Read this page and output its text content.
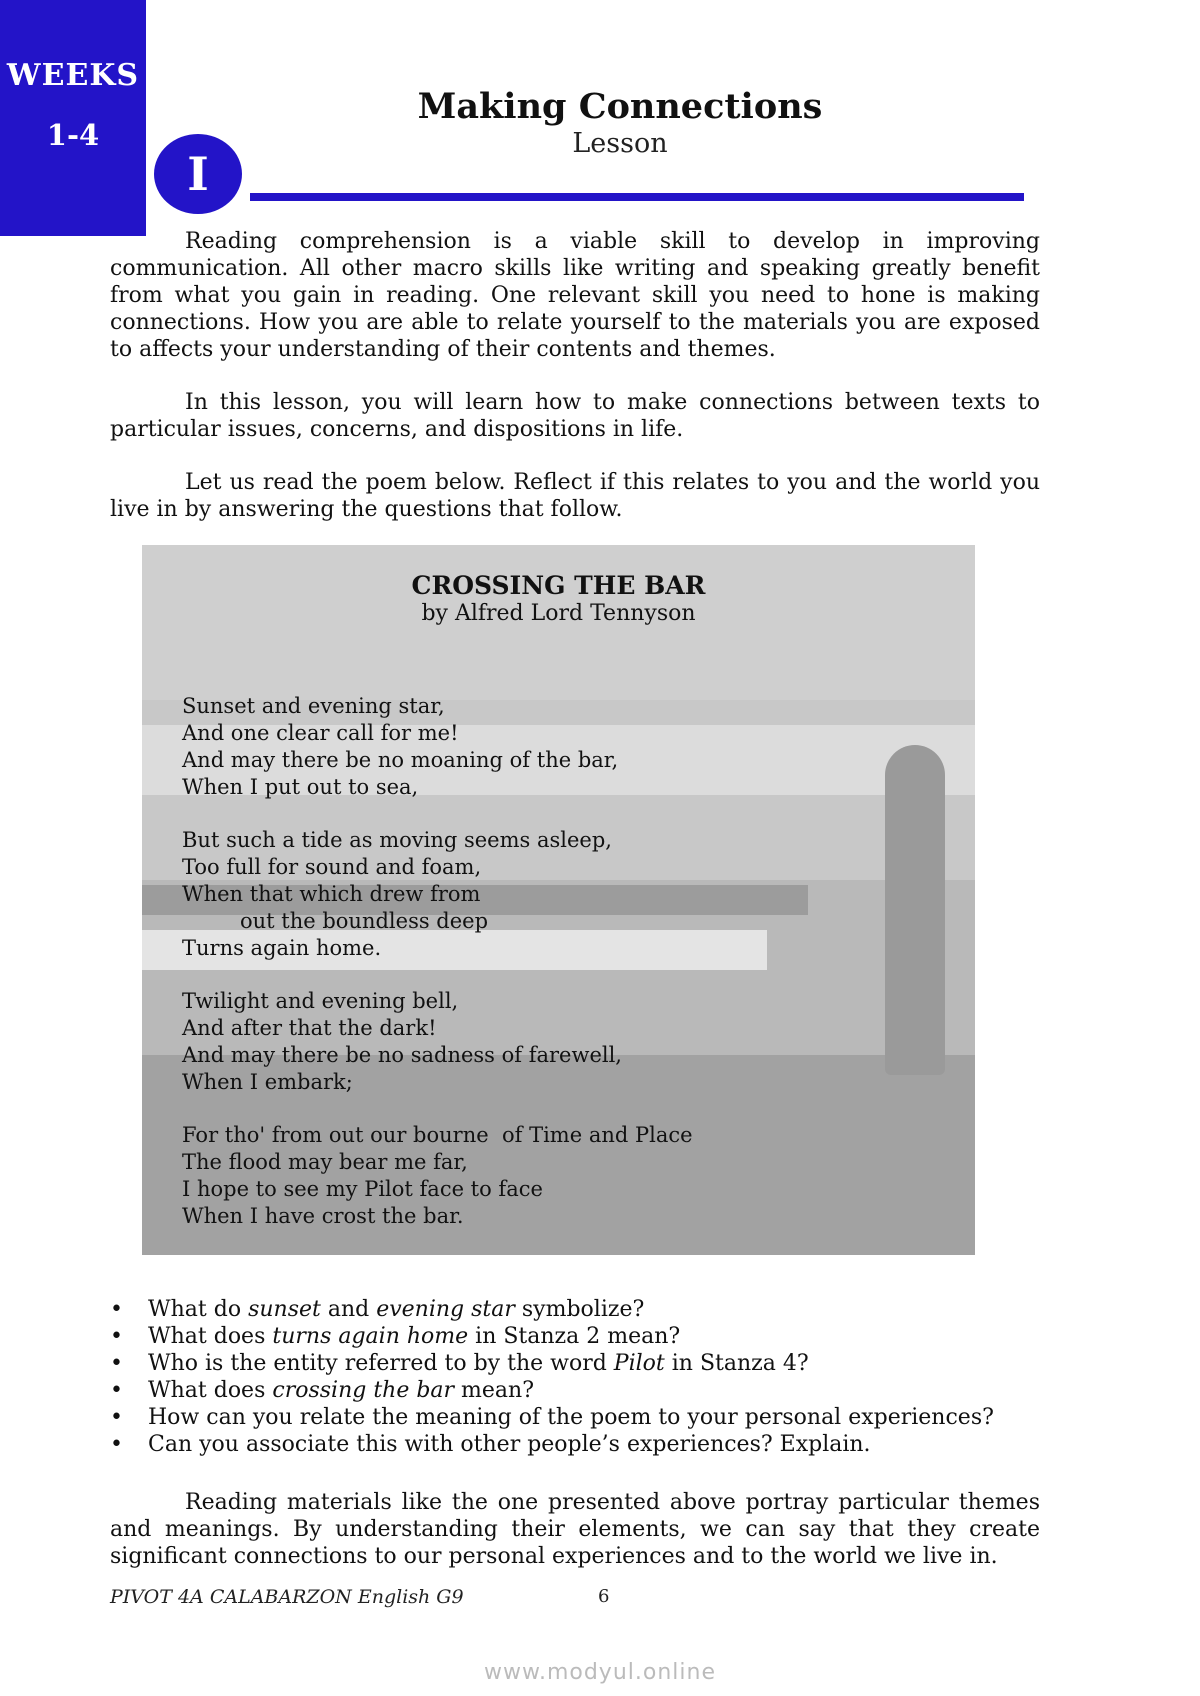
WEEKS
1-4
I
Making Connections
Lesson

Reading comprehension is a viable skill to develop in improving communication. All other macro skills like writing and speaking greatly benefit from what you gain in reading. One relevant skill you need to hone is making connections. How you are able to relate yourself to the materials you are exposed to affects your understanding of their contents and themes.

In this lesson, you will learn how to make connections between texts to particular issues, concerns, and dispositions in life.

Let us read the poem below. Reflect if this relates to you and the world you live in by answering the questions that follow.

CROSSING THE BAR
by Alfred Lord Tennyson
Sunset and evening star,
And one clear call for me!
And may there be no moaning of the bar,
When I put out to sea,
But such a tide as moving seems asleep,
Too full for sound and foam,
When that which drew from
out the boundless deep
Turns again home.
Twilight and evening bell,
And after that the dark!
And may there be no sadness of farewell,
When I embark;
For tho' from out our bourne  of Time and Place
The flood may bear me far,
I hope to see my Pilot face to face
When I have crost the bar.
• What do sunset and evening star symbolize?
• What does turns again home in Stanza 2 mean?
• Who is the entity referred to by the word Pilot in Stanza 4?
• What does crossing the bar mean?
• How can you relate the meaning of the poem to your personal experiences?
• Can you associate this with other people’s experiences? Explain.

Reading materials like the one presented above portray particular themes and meanings. By understanding their elements, we can say that they create significant connections to our personal experiences and to the world we live in.

PIVOT 4A CALABARZON English G9	6
www.modyul.online
